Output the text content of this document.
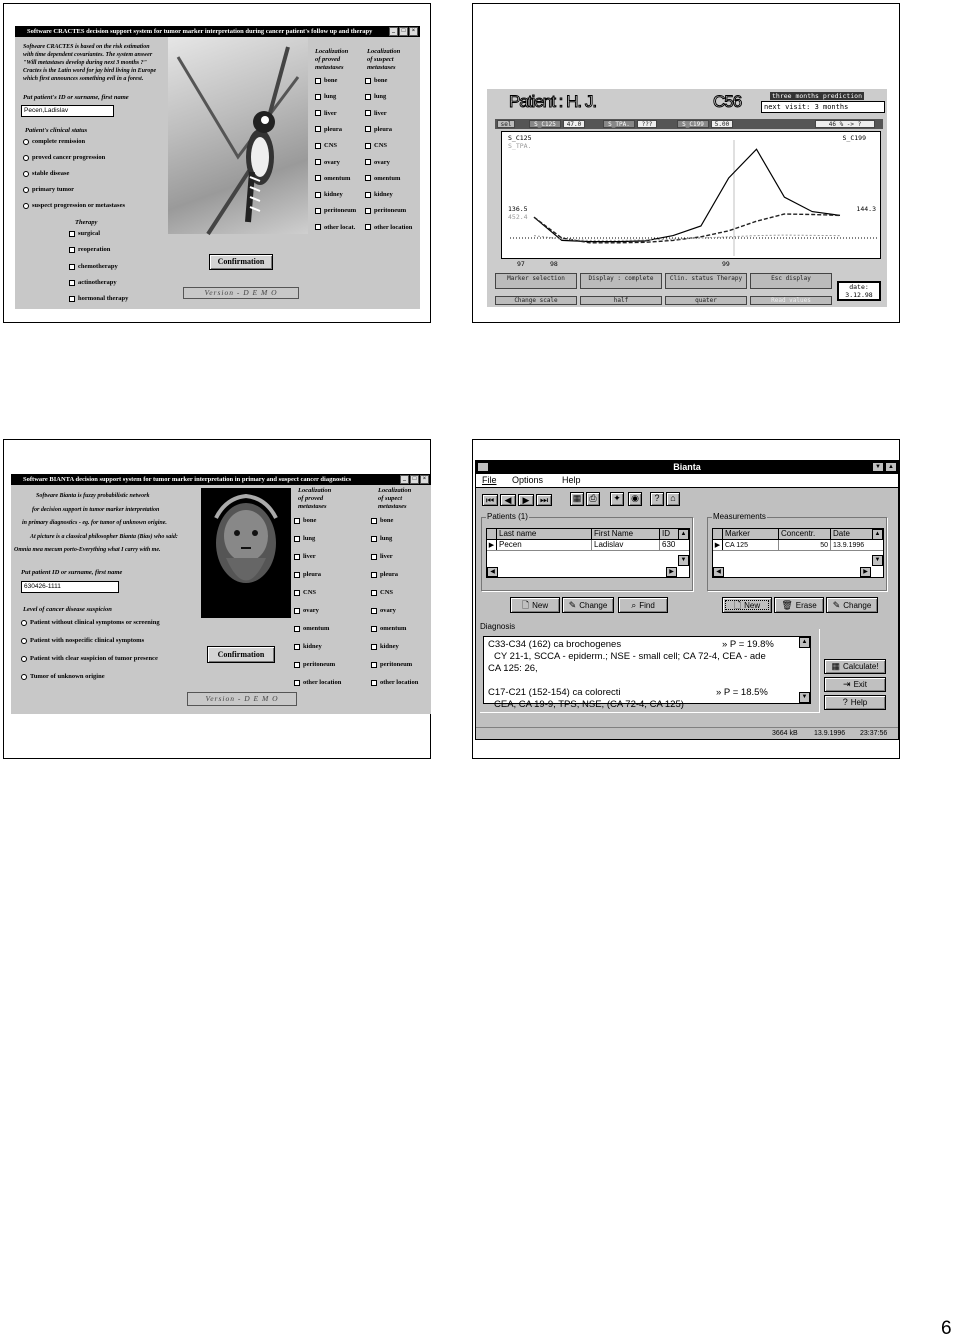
Software CRACTES decision support system for tumor marker interpretation during cancer patient's follow up and therapy	_	□	×
Software CRACTES is based on the risk estimation
with time dependent covariantes. The system answer
"Will metastases develop during next 3 months ?"
Cractes is the Latin word for jay bird living in Europe
which first announces something evil in a forest.
Put patient's ID or surname, first name
Pecen,Ladislav
Patient's clinical status
complete remission
proved cancer progression
stable disease
primary tumor
suspect progression or metastases
Therapy
surgical
reoperation
chemotherapy
actinotherapy
hormonal therapy
Confirmation
Version - D E M O
Localization
of proved
metastases
Localization
of suspect
metastases
bone
lung
liver
pleura
CNS
ovary
omentum
kidney
peritoneum
other locat.
bone
lung
liver
pleura
CNS
ovary
omentum
kidney
peritoneum
other location
Patient : H. J.	C56	three months prediction
next visit: 3 months
sel	S_C125	47.0	S_TPA.	???	S_C199	5.00	46 % -> ?
S_C125
S_TPA.
S_C199
136.5
452.4
144.3
97	98	99
Marker selection	Display : complete	Clin. status Therapy	Esc display
Change scale	half	quater	Read values
date:
3.12.98
Software BIANTA decision support system for tumor marker interpretation in primary and suspect cancer diagnostics	_	□	×
Software Bianta is fuzzy probabilistic network
for decision support in tumor marker interpretation
in primary diagnostics - eg. for tumor of unknown origine.
At picture is a classical philosopher Bianta (Bias) who said:
Omnia mea mecum porto-Everything what I carry with me.
Put patient ID or surname, first name
630426-1111
Level of cancer disease suspicion
Patient without clinical symptoms or screening
Patient with nospecific clinical symptoms
Patient with clear suspicion of tumor presence
Tumor of unknown origine
Confirmation
Version - D E M O
Localization
of proved
metastases
Localization
of supect
metastases
bone
lung
liver
pleura
CNS
ovary
omentum
kidney
peritoneum
other location
bone
lung
liver
pleura
CNS
ovary
omentum
kidney
peritoneum
other location
Bianta	▼	▲
File Options Help
⏮	◀	▶	⏭	▦ ⎙	✦	◉	?	⌂
Patients (1)
Last name	First Name	ID
▶ Pecen	Ladislav	630
▲
▼
◀	▶
Measurements
Marker	Concentr.	Date
▶ CA 125	50 13.9.1996
▲
▼
◀	▶
🗋 New ✎ Change	⌕ Find	🗋 New 🗑 Erase ✎ Change
Diagnosis
C33-C34 (162) ca brochogenes	» P = 19.8%
CY 21-1, SCCA - epiderm.; NSE - small cell; CA 72-4, CEA - ade
CA 125: 26,
C17-C21 (152-154) ca colorecti	» P = 18.5%
CEA, CA 19-9, TPS, NSE, (CA 72-4, CA 125)
▲
▼
▦ Calculate!
⇥ Exit
? Help
3664 kB 13.9.1996 23:37:56
6
